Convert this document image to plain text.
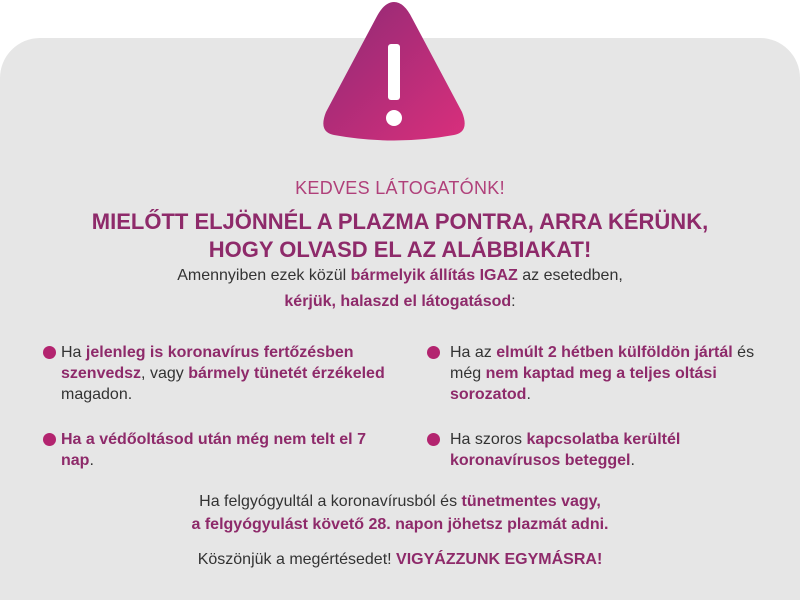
KEDVES LÁTOGATÓNK!
MIELŐTT ELJÖNNÉL A PLAZMA PONTRA, ARRA KÉRÜNK,
HOGY OLVASD EL AZ ALÁBBIAKAT!
Amennyiben ezek közül bármelyik állítás IGAZ az esetedben,
kérjük, halaszd el látogatásod:
Ha jelenleg is koronavírus fertőzésben szenvedsz, vagy bármely tünetét érzékeled magadon.
Ha az elmúlt 2 hétben külföldön jártál és még nem kaptad meg a teljes oltási sorozatod.
Ha a védőoltásod után még nem telt el 7 nap.
Ha szoros kapcsolatba kerültél koronavírusos beteggel.
Ha felgyógyultál a koronavírusból és tünetmentes vagy,
a felgyógyulást követő 28. napon jöhetsz plazmát adni.
Köszönjük a megértésedet! VIGYÁZZUNK EGYMÁSRA!
